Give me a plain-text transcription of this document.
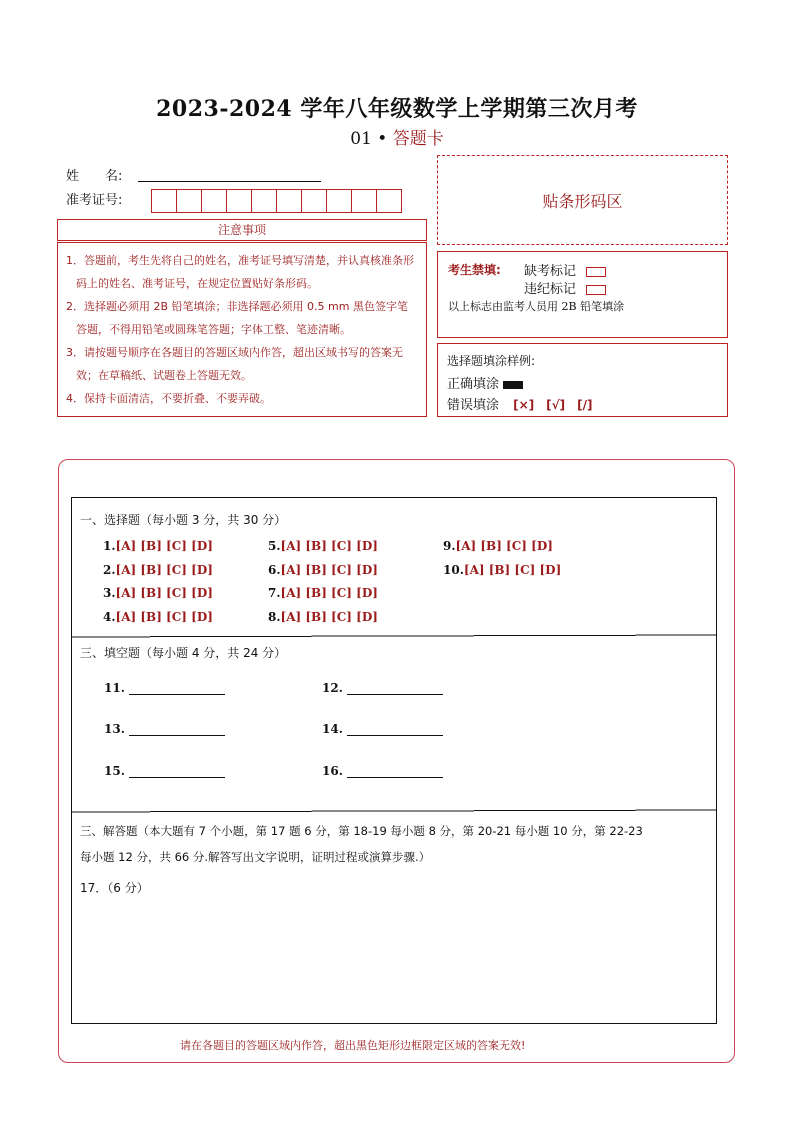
2023-2024 学年八年级数学上学期第三次月考
01 • 答题卡
姓　　名:
准考证号:	贴条形码区
注意事项
1．答题前，考生先将自己的姓名，准考证号填写清楚，并认真核准条形码上的姓名、准考证号，在规定位置贴好条形码。
2．选择题必须用 2B 铅笔填涂；非选择题必须用 0.5 mm 黑色签字笔答题，不得用铅笔或圆珠笔答题；字体工整、笔迹清晰。
3．请按题号顺序在各题目的答题区域内作答，超出区域书写的答案无效；在草稿纸、试题卷上答题无效。
4．保持卡面清洁，不要折叠、不要弄破。
考生禁填: 缺考标记
违纪标记
以上标志由监考人员用 2B 铅笔填涂
选择题填涂样例:
正确填涂
错误填涂 [×]　[√]　[/]
一、选择题（每小题 3 分，共 30 分）
1.[A] [B] [C] [D]
2.[A] [B] [C] [D]
3.[A] [B] [C] [D]
4.[A] [B] [C] [D]
5.[A] [B] [C] [D]
6.[A] [B] [C] [D]
7.[A] [B] [C] [D]
8.[A] [B] [C] [D]
9.[A] [B] [C] [D]
10.[A] [B] [C] [D]
三、填空题（每小题 4 分，共 24 分）
11.	12.
13.	14.
15.	16.
三、解答题（本大题有 7 个小题，第 17 题 6 分，第 18-19 每小题 8 分，第 20-21 每小题 10 分，第 22-23
每小题 12 分，共 66 分.解答写出文字说明，证明过程或演算步骤.）
17．（6 分）
请在各题目的答题区域内作答，超出黑色矩形边框限定区域的答案无效!
